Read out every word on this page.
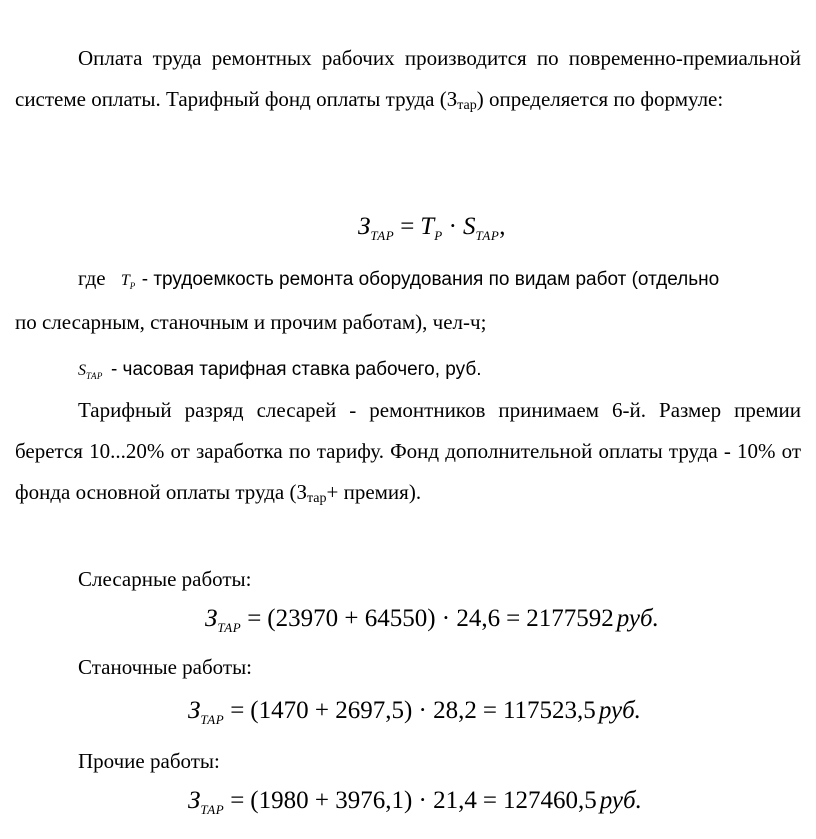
Оплата труда ремонтных рабочих производится по повременно-премиальной системе оплаты. Тарифный фонд оплаты труда $(З_{тар})$ определяется по формуле:
$З_{ТАР} = T_P \cdot S_{ТАР}$,
где $T_P$ - трудоемкость ремонта оборудования по видам работ (отдельно
по слесарным, станочным и прочим работам), чел-ч;
$S_{ТАР}$ - часовая тарифная ставка рабочего, руб.
Тарифный разряд слесарей - ремонтников принимаем 6-й. Размер премии берется 10...20% от заработка по тарифу. Фонд дополнительной оплаты труда - 10% от фонда основной оплаты труда ($З_{тар}+$ премия).
Слесарные работы:
$З_{ТАР} = (23970 + 64550) \cdot 24,6 = 2177592$ руб.
Станочные работы:
$З_{ТАР} = (1470 + 2697,5) \cdot 28,2 = 117523,5$ руб.
Прочие работы:
$З_{ТАР} = (1980 + 3976,1) \cdot 21,4 = 127460,5$ руб.
